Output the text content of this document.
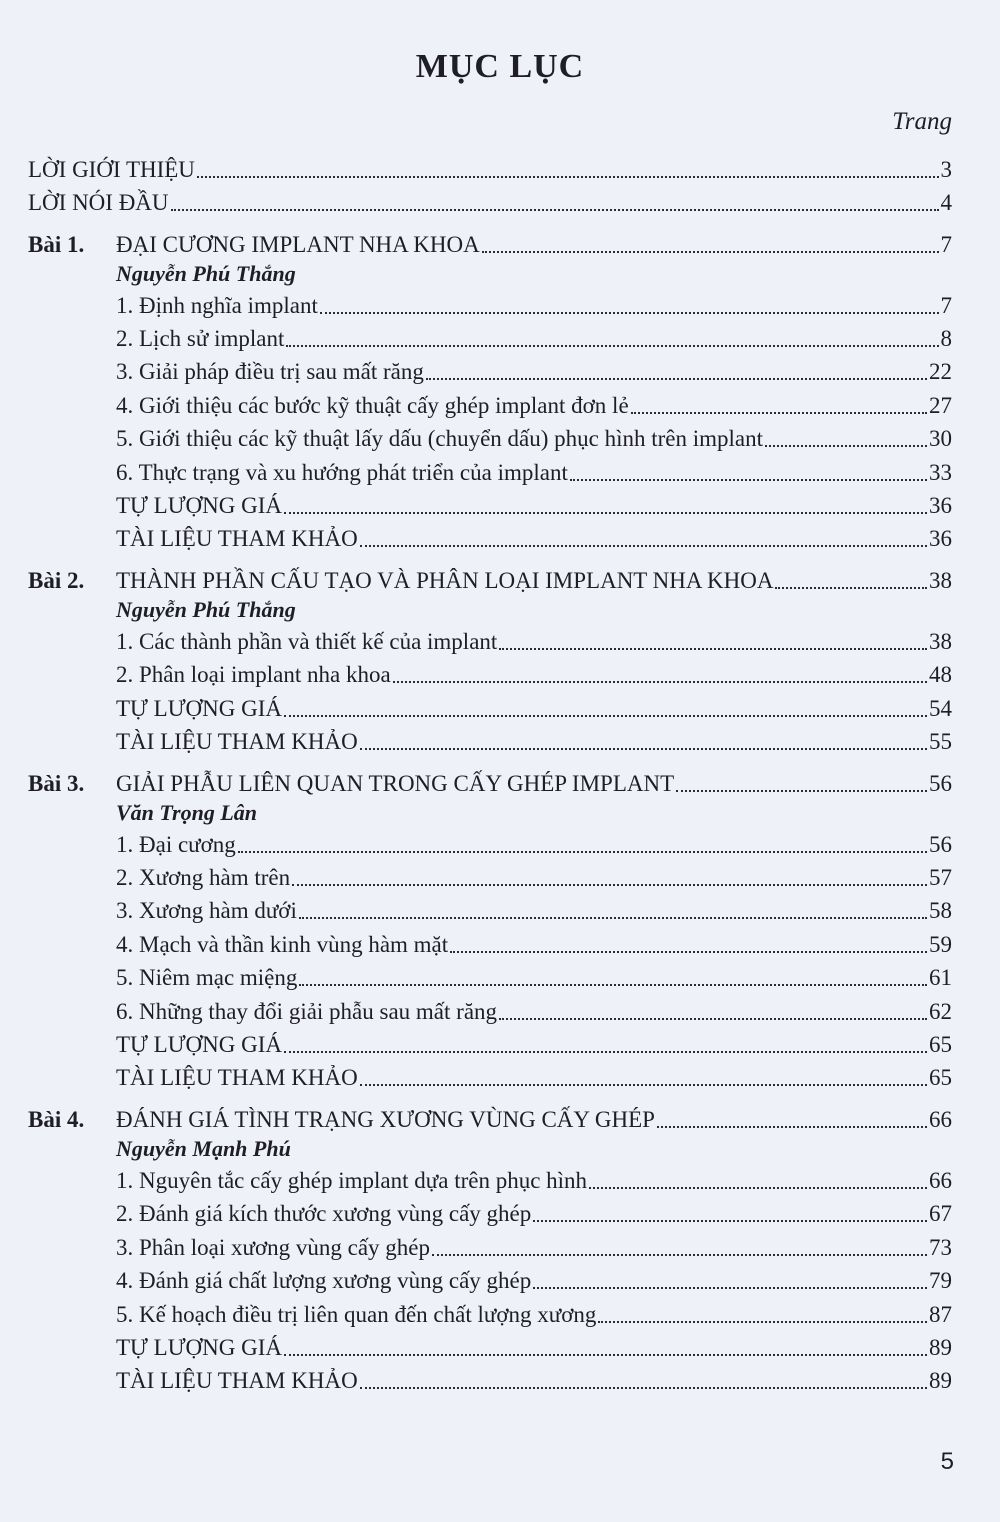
MỤC LỤC
Trang
LỜI GIỚI THIỆU	3
LỜI NÓI ĐẦU	4
Bài 1. ĐẠI CƯƠNG IMPLANT NHA KHOA	7
Nguyễn Phú Thắng
1. Định nghĩa implant	7
2. Lịch sử implant	8
3. Giải pháp điều trị sau mất răng	22
4. Giới thiệu các bước kỹ thuật cấy ghép implant đơn lẻ	27
5. Giới thiệu các kỹ thuật lấy dấu (chuyển dấu) phục hình trên implant	30
6. Thực trạng và xu hướng phát triển của implant	33
TỰ LƯỢNG GIÁ	36
TÀI LIỆU THAM KHẢO	36
Bài 2. THÀNH PHẦN CẤU TẠO VÀ PHÂN LOẠI IMPLANT NHA KHOA	38
Nguyễn Phú Thắng
1. Các thành phần và thiết kế của implant	38
2. Phân loại implant nha khoa	48
TỰ LƯỢNG GIÁ	54
TÀI LIỆU THAM KHẢO	55
Bài 3. GIẢI PHẪU LIÊN QUAN TRONG CẤY GHÉP IMPLANT	56
Văn Trọng Lân
1. Đại cương	56
2. Xương hàm trên	57
3. Xương hàm dưới	58
4. Mạch và thần kinh vùng hàm mặt	59
5. Niêm mạc miệng	61
6. Những thay đổi giải phẫu sau mất răng	62
TỰ LƯỢNG GIÁ	65
TÀI LIỆU THAM KHẢO	65
Bài 4. ĐÁNH GIÁ TÌNH TRẠNG XƯƠNG VÙNG CẤY GHÉP	66
Nguyễn Mạnh Phú
1. Nguyên tắc cấy ghép implant dựa trên phục hình	66
2. Đánh giá kích thước xương vùng cấy ghép	67
3. Phân loại xương vùng cấy ghép	73
4. Đánh giá chất lượng xương vùng cấy ghép	79
5. Kế hoạch điều trị liên quan đến chất lượng xương	87
TỰ LƯỢNG GIÁ	89
TÀI LIỆU THAM KHẢO	89
5
